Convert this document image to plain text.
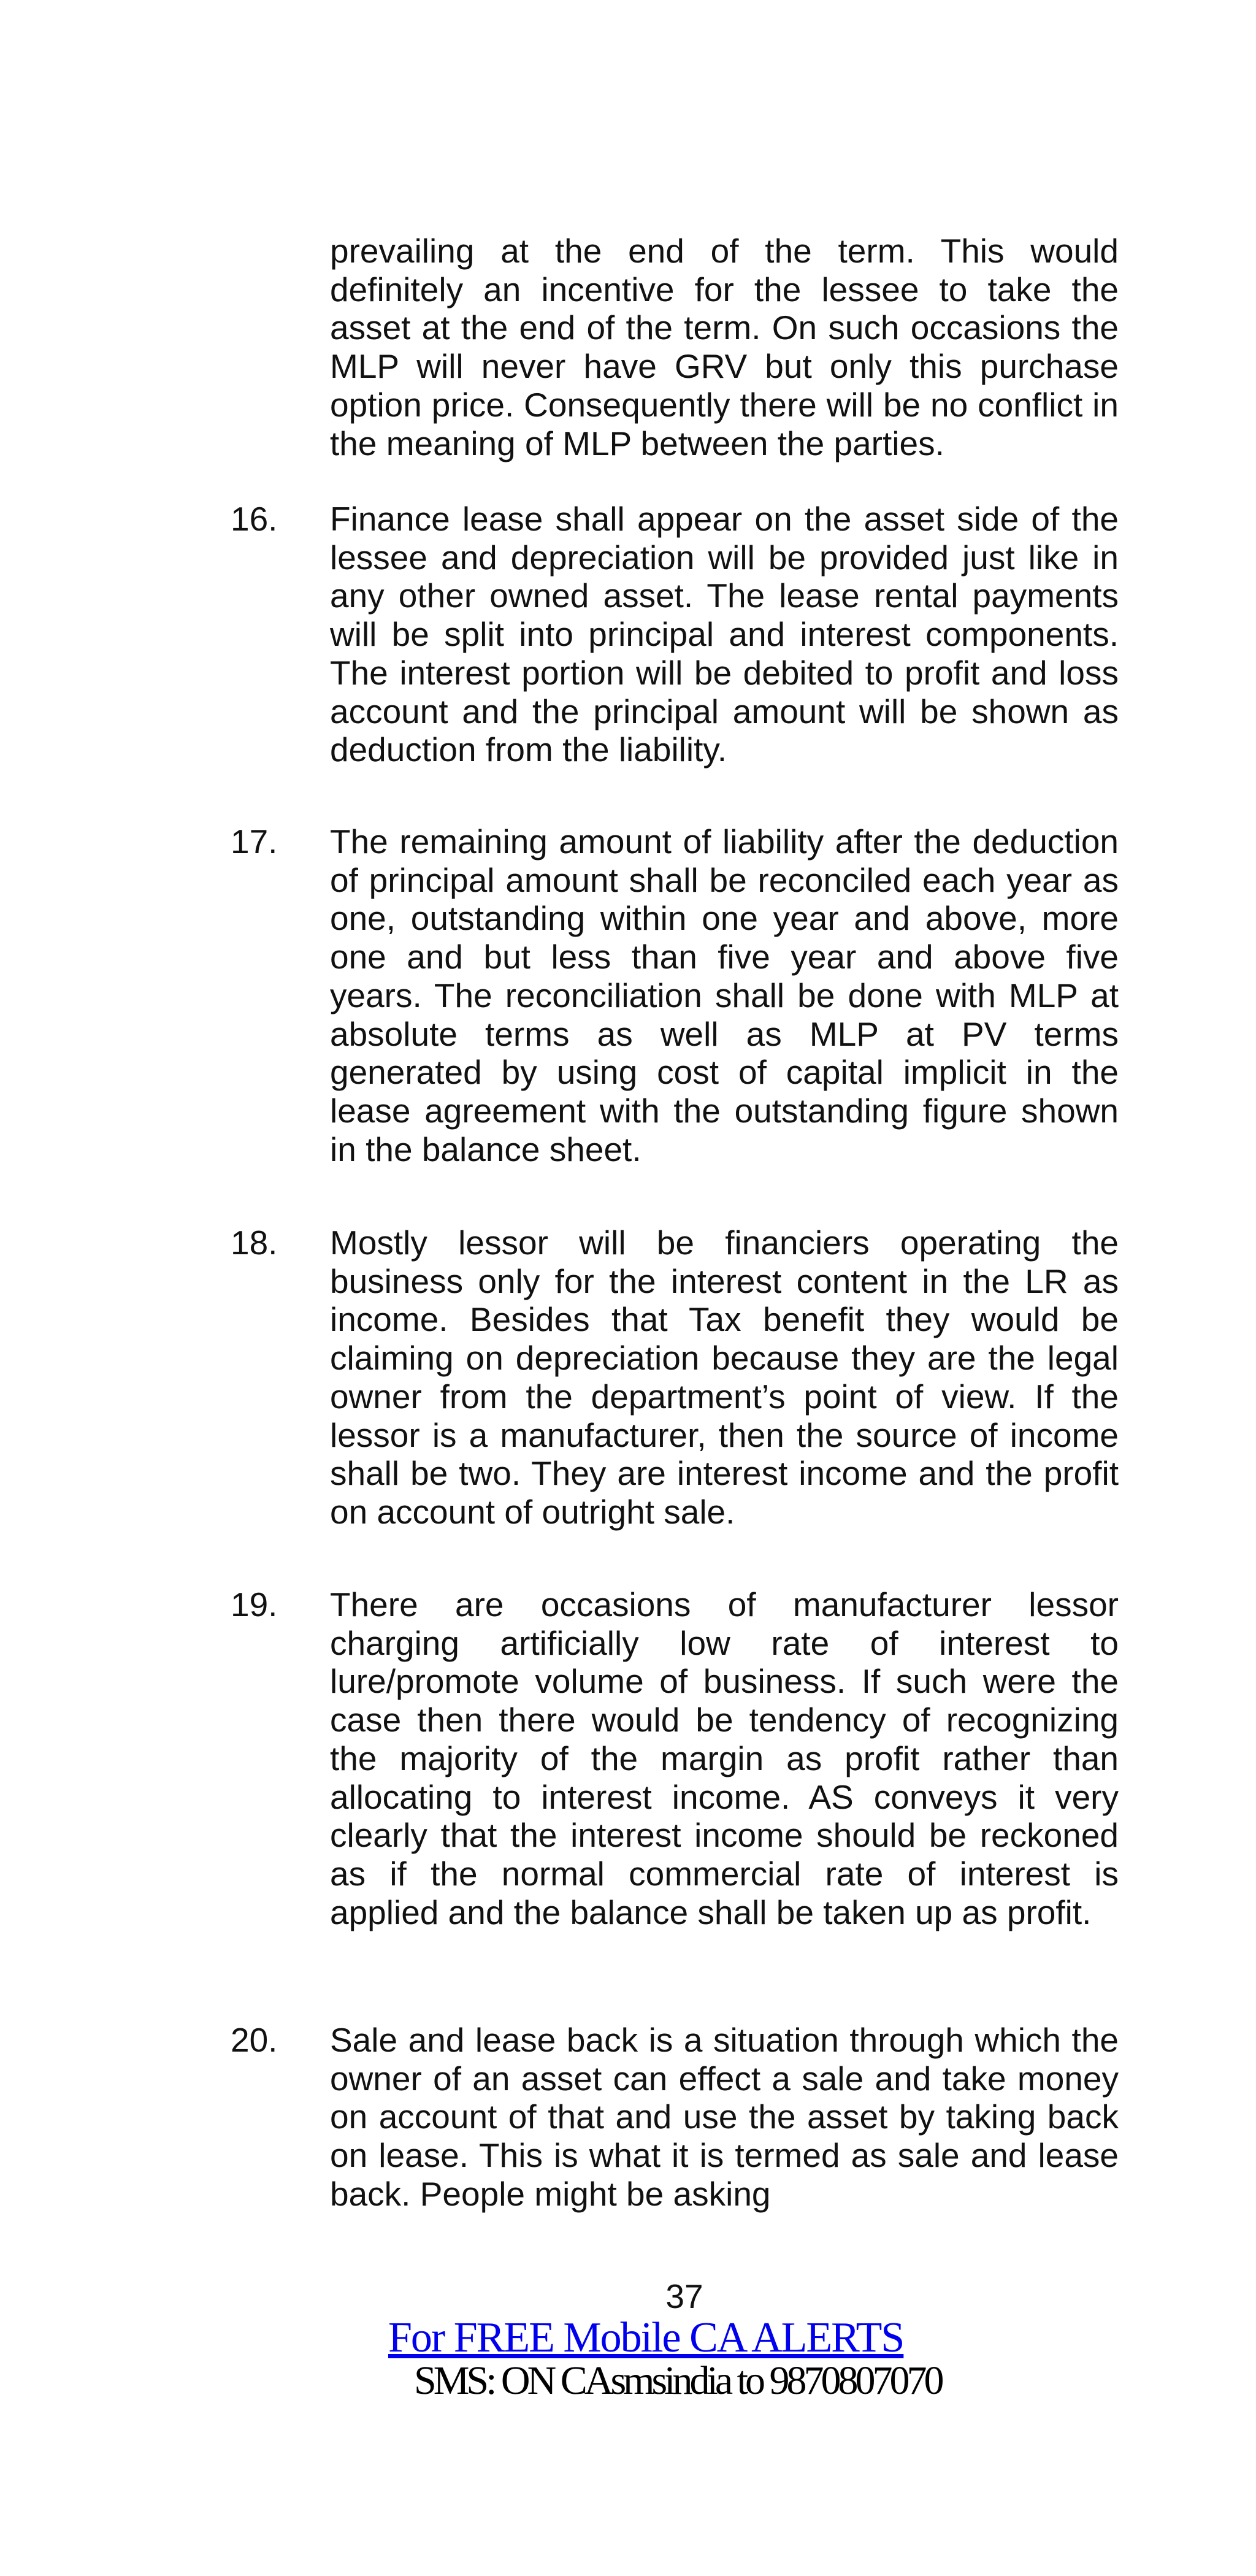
prevailing at the end of the term. This would definitely an incentive for the lessee to take the asset at the end of the term. On such occasions the MLP will never have GRV but only this purchase option price. Consequently there will be no conflict in the meaning of MLP between the parties.
16. Finance lease shall appear on the asset side of the lessee and depreciation will be provided just like in any other owned asset. The lease rental payments will be split into principal and interest components. The interest portion will be debited to profit and loss account and the principal amount will be shown as deduction from the liability.
17. The remaining amount of liability after the deduction of principal amount shall be reconciled each year as one, outstanding within one year and above, more one and but less than five year and above five years. The reconciliation shall be done with MLP at absolute terms as well as MLP at PV terms generated by using cost of capital implicit in the lease agreement with the outstanding figure shown in the balance sheet.
18. Mostly lessor will be financiers operating the business only for the interest content in the LR as income. Besides that Tax benefit they would be claiming on depreciation because they are the legal owner from the department’s point of view. If the lessor is a manufacturer, then the source of income shall be two. They are interest income and the profit on account of outright sale.
19. There are occasions of manufacturer lessor charging artificially low rate of interest to lure/promote volume of business. If such were the case then there would be tendency of recognizing the majority of the margin as profit rather than allocating to interest income. AS conveys it very clearly that the interest income should be reckoned as if the normal commercial rate of interest is applied and the balance shall be taken up as profit.
20. Sale and lease back is a situation through which the owner of an asset can effect a sale and take money on account of that and use the asset by taking back on lease. This is what it is termed as sale and lease back. People might be asking
37
For FREE Mobile CA ALERTS
SMS: ON CAsmsindia to 9870807070
